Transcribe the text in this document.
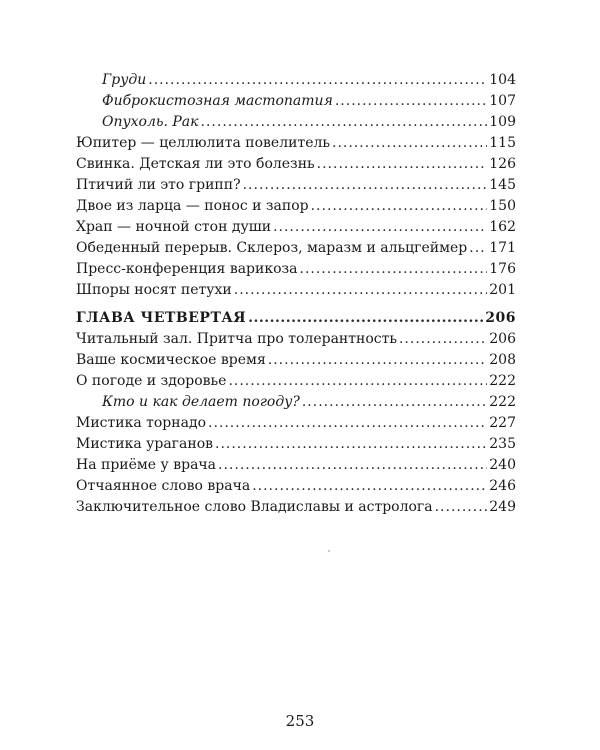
Груди .....	104
Фиброкистозная мастопатия .....	107
Опухоль. Рак .....	109
Юпитер — целлюлита повелитель .....	115
Свинка. Детская ли это болезнь .....	126
Птичий ли это грипп? .....	145
Двое из ларца — понос и запор .....	150
Храп — ночной стон души .....	162
Обеденный перерыв. Склероз, маразм и альцгеймер ..... 171
Пресс-конференция варикоза .....	176
Шпоры носят петухи .....	201
ГЛАВА ЧЕТВЕРТАЯ .....	206
Читальный зал. Притча про толерантность .....	206
Ваше космическое время .....	208
О погоде и здоровье .....	222
Кто и как делает погоду? .....	222
Мистика торнадо .....	227
Мистика ураганов .....	235
На приёме у врача .....	240
Отчаянное слово врача .....	246
Заключительное слово Владиславы и астролога .....	249
253
